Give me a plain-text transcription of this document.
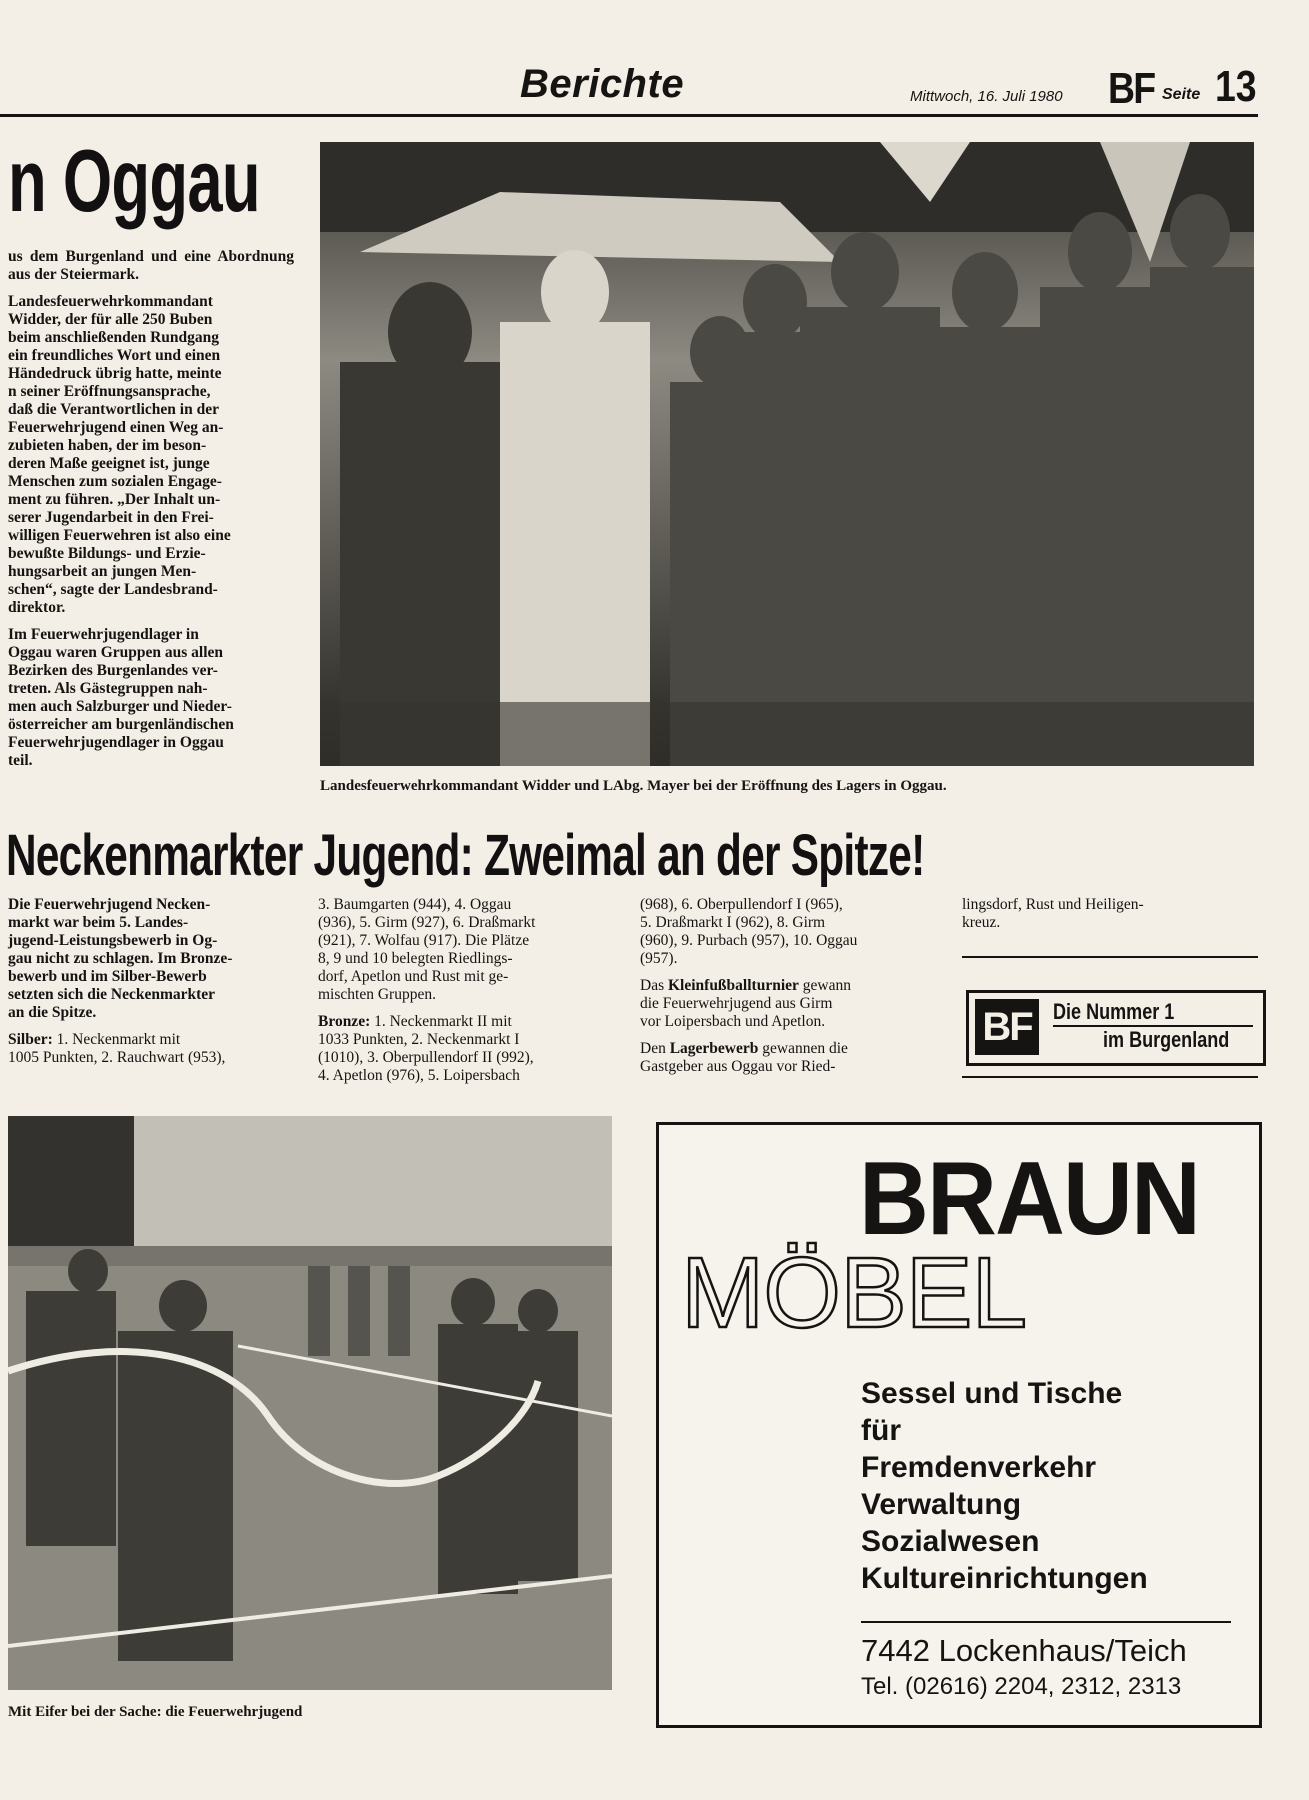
Berichte	Mittwoch, 16. Juli 1980 BF Seite 13
n Oggau

us dem Burgenland und eine Abordnung aus der Steiermark.

Landesfeuerwehrkommandant
Widder, der für alle 250 Buben
beim anschließenden Rundgang
ein freundliches Wort und einen
Händedruck übrig hatte, meinte
n seiner Eröffnungsansprache,
daß die Verantwortlichen in der
Feuerwehrjugend einen Weg an-
zubieten haben, der im beson-
deren Maße geeignet ist, junge
Menschen zum sozialen Engage-
ment zu führen. „Der Inhalt un-
serer Jugendarbeit in den Frei-
willigen Feuerwehren ist also eine
bewußte Bildungs- und Erzie-
hungsarbeit an jungen Men-
schen“, sagte der Landesbrand-
direktor.
Im Feuerwehrjugendlager in
Oggau waren Gruppen aus allen
Bezirken des Burgenlandes ver-
treten. Als Gästegruppen nah-
men auch Salzburger und Nieder-
österreicher am burgenländischen
Feuerwehrjugendlager in Oggau
teil.
Landesfeuerwehrkommandant Widder und LAbg. Mayer bei der Eröffnung des Lagers in Oggau.
Neckenmarkter Jugend: Zweimal an der Spitze!
Die Feuerwehrjugend Necken-
markt war beim 5. Landes-
jugend-Leistungsbewerb in Og-
gau nicht zu schlagen. Im Bronze-
bewerb und im Silber-Bewerb
setzten sich die Neckenmarkter
an die Spitze.
Silber: 1. Neckenmarkt mit
1005 Punkten, 2. Rauchwart (953),
3. Baumgarten (944), 4. Oggau
(936), 5. Girm (927), 6. Draßmarkt
(921), 7. Wolfau (917). Die Plätze
8, 9 und 10 belegten Riedlings-
dorf, Apetlon und Rust mit ge-
mischten Gruppen.
Bronze: 1. Neckenmarkt II mit
1033 Punkten, 2. Neckenmarkt I
(1010), 3. Oberpullendorf II (992),
4. Apetlon (976), 5. Loipersbach
(968), 6. Oberpullendorf I (965),
5. Draßmarkt I (962), 8. Girm
(960), 9. Purbach (957), 10. Oggau
(957).
Das Kleinfußballturnier gewann
die Feuerwehrjugend aus Girm
vor Loipersbach und Apetlon.
Den Lagerbewerb gewannen die
Gastgeber aus Oggau vor Ried-
lingsdorf, Rust und Heiligen-
kreuz.
BF Die Nummer 1
im Burgenland
Mit Eifer bei der Sache: die Feuerwehrjugend
BRAUN
MÖBEL
Sessel und Tische
für
Fremdenverkehr
Verwaltung
Sozialwesen
Kultureinrichtungen
7442 Lockenhaus/Teich
Tel. (02616) 2204, 2312, 2313
